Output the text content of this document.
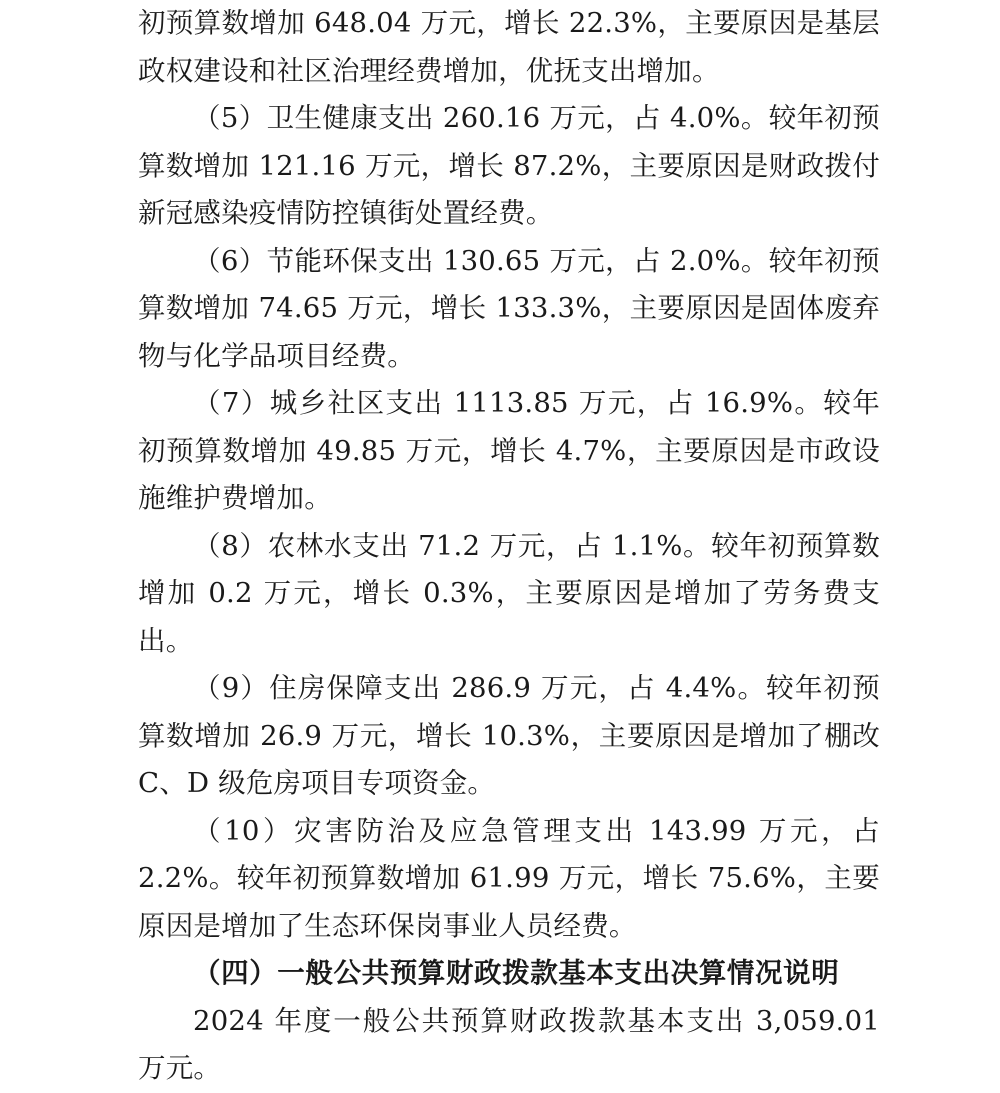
初预算数增加 648.04 万元，增长 22.3%，主要原因是基层政权建设和社区治理经费增加，优抚支出增加。

（5）卫生健康支出 260.16 万元，占 4.0%。较年初预算数增加 121.16 万元，增长 87.2%，主要原因是财政拨付新冠感染疫情防控镇街处置经费。

（6）节能环保支出 130.65 万元，占 2.0%。较年初预算数增加 74.65 万元，增长 133.3%，主要原因是固体废弃物与化学品项目经费。

（7）城乡社区支出 1113.85 万元，占 16.9%。较年初预算数增加 49.85 万元，增长 4.7%，主要原因是市政设施维护费增加。

（8）农林水支出 71.2 万元，占 1.1%。较年初预算数增加 0.2 万元，增长 0.3%，主要原因是增加了劳务费支出。

（9）住房保障支出 286.9 万元，占 4.4%。较年初预算数增加 26.9 万元，增长 10.3%，主要原因是增加了棚改 C、D 级危房项目专项资金。

（10）灾害防治及应急管理支出 143.99 万元，占 2.2%。较年初预算数增加 61.99 万元，增长 75.6%，主要原因是增加了生态环保岗事业人员经费。

（四）一般公共预算财政拨款基本支出决算情况说明

2024 年度一般公共预算财政拨款基本支出 3,059.01 万元。
